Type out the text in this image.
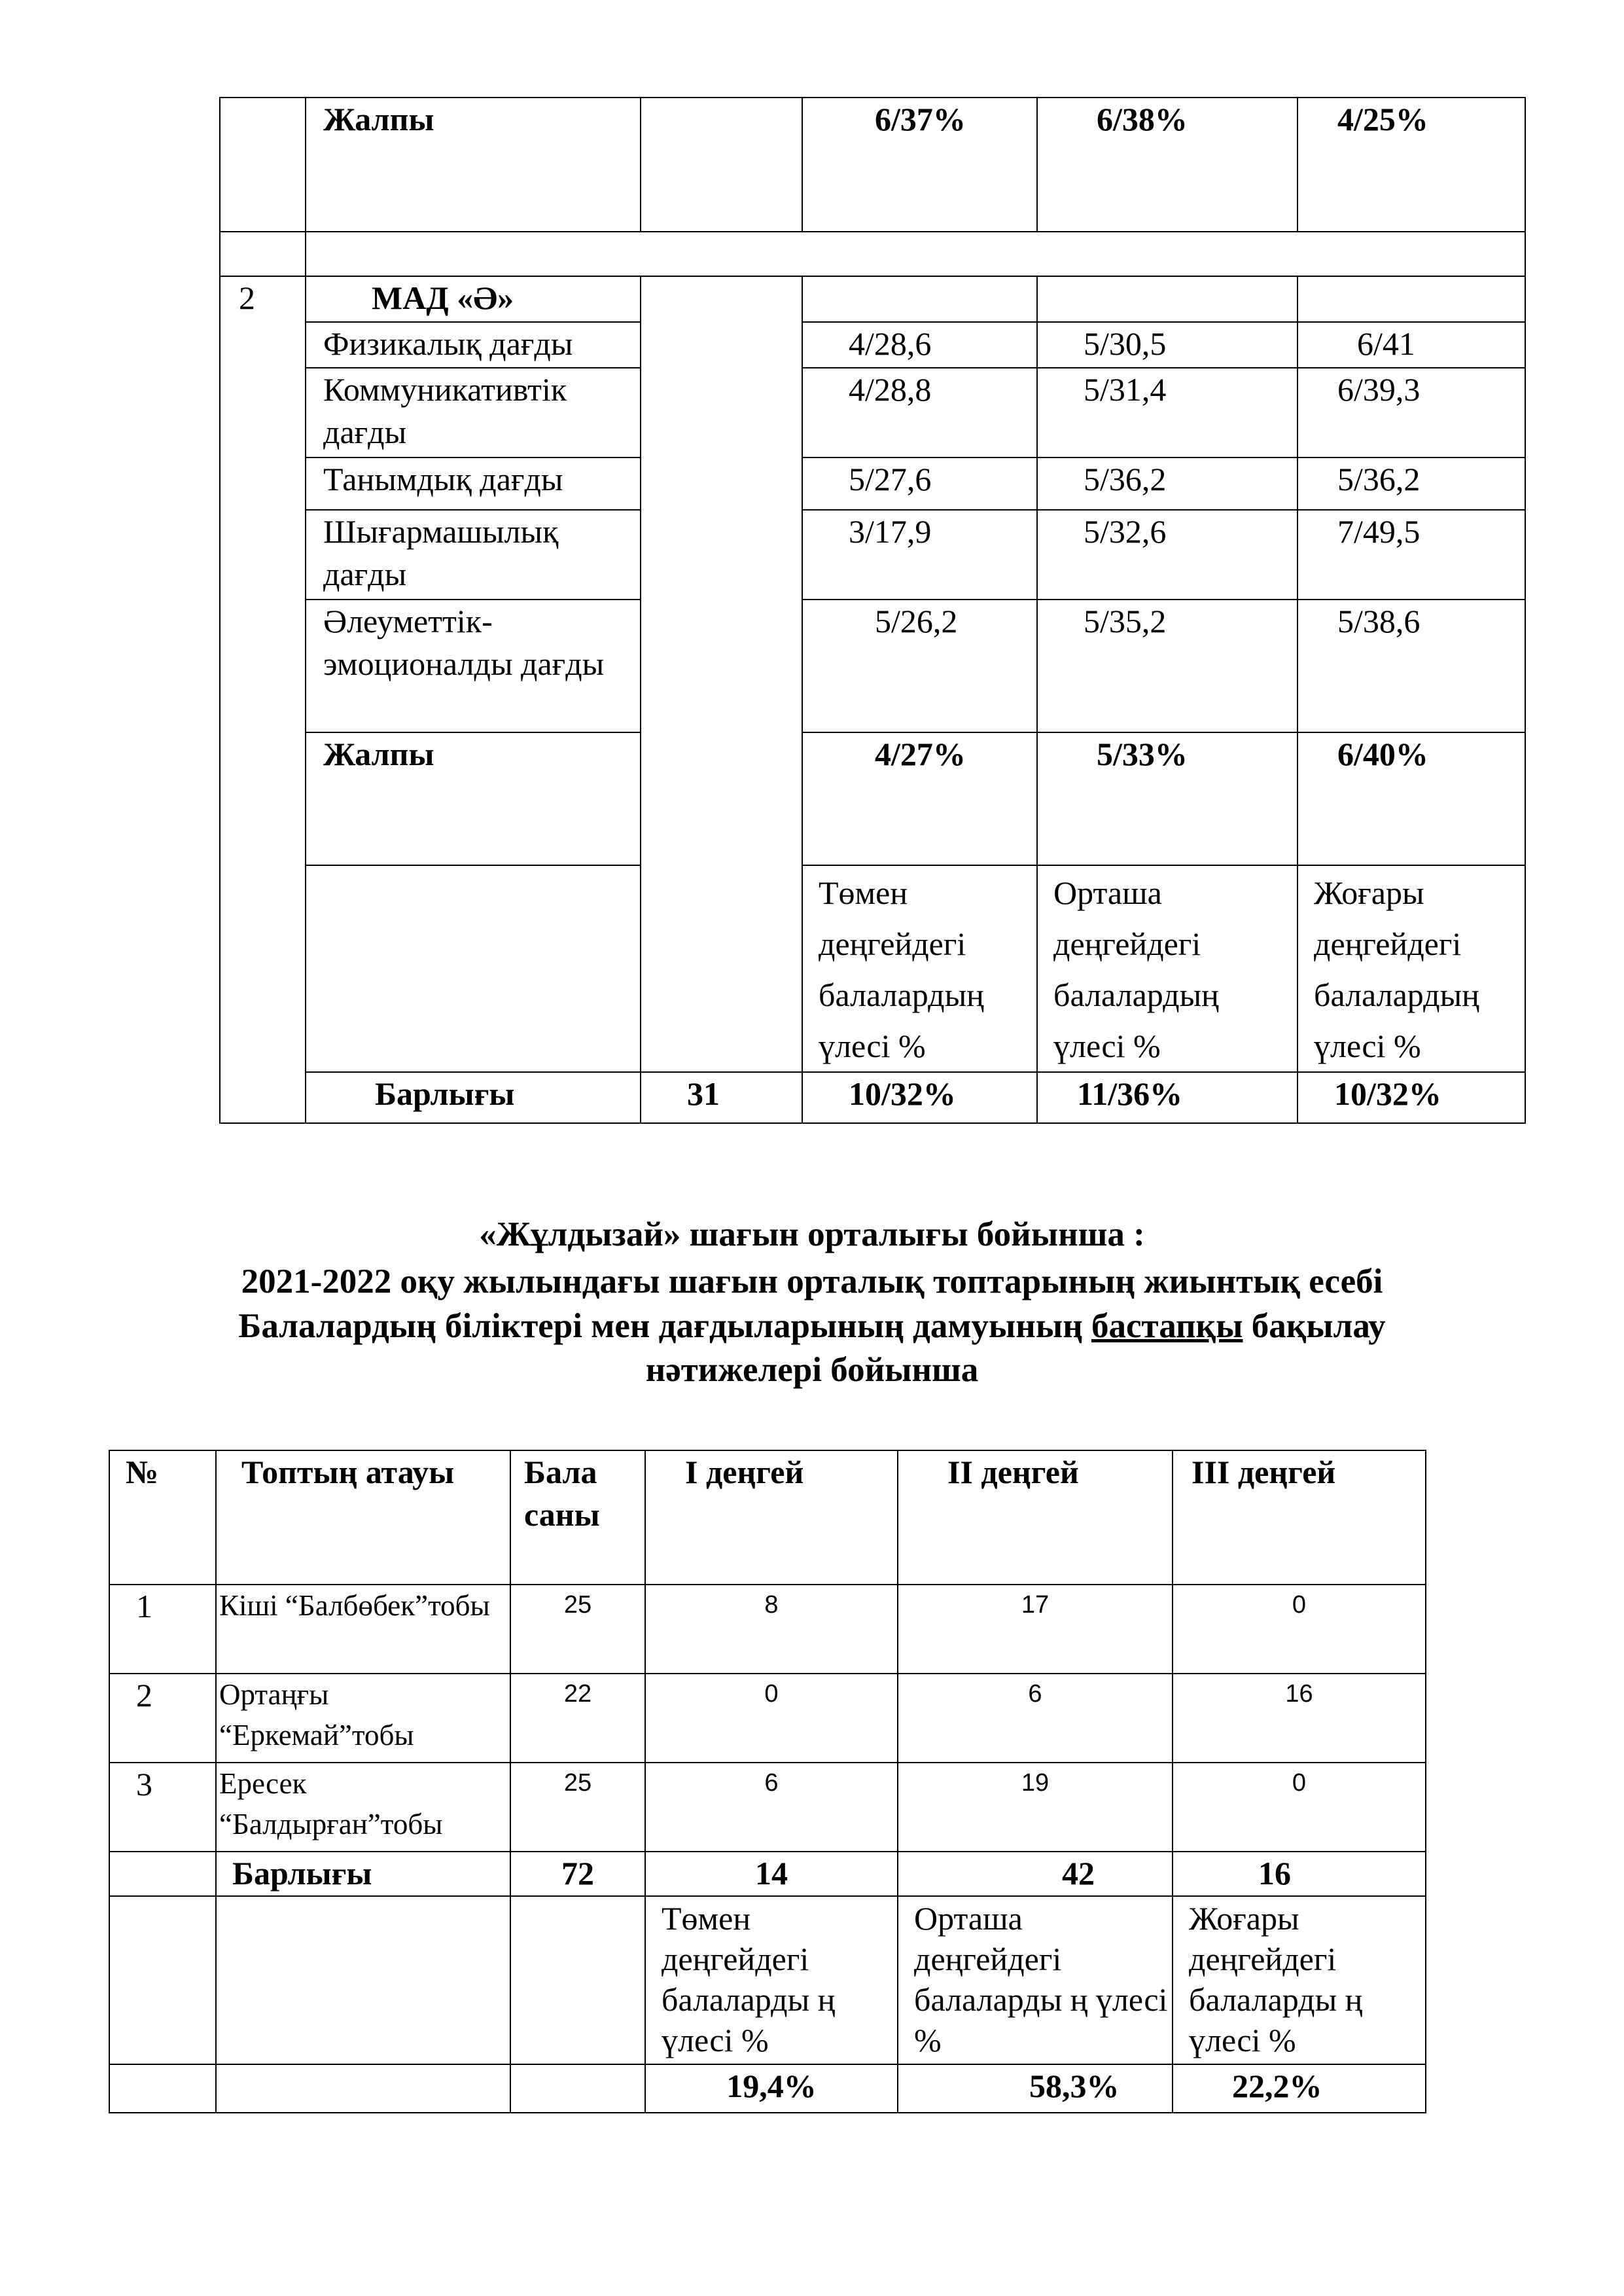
	Жалпы		6/37%	6/38%	4/25%

2	МАД «Ә»				
	Физикалық дағды		4/28,6	5/30,5	6/41
	Коммуникативтік дағды		4/28,8	5/31,4	6/39,3
	Танымдық дағды		5/27,6	5/36,2	5/36,2
	Шығармашылық дағды		3/17,9	5/32,6	7/49,5
	Әлеуметтік-эмоционалды дағды		5/26,2	5/35,2	5/38,6
	Жалпы		4/27%	5/33%	6/40%
			Төмен деңгейдегі балалардың үлесі %	Орташа деңгейдегі балалардың үлесі %	Жоғары деңгейдегі балалардың үлесі %
	Барлығы	31	10/32%	11/36%	10/32%
«Жұлдызай» шағын орталығы бойынша :
2021-2022 оқу жылындағы шағын орталық топтарының жиынтық есебі
Балалардың біліктері мен дағдыларының дамуының бастапқы бақылау
нәтижелері бойынша
№	Топтың атауы	Бала саны	І деңгей	ІІ деңгей	ІІІ деңгей
1	Кіші “Балбөбек”тобы	25	8	17	0
2	Ортаңғы “Еркемай”тобы	22	0	6	16
3	Ересек “Балдырған”тобы	25	6	19	0
	Барлығы	72	14	42	16
			Төмен деңгейдегі балаларды ң үлесі %	Орташа деңгейдегі балаларды ң үлесі %	Жоғары деңгейдегі балаларды ң үлесі %
			19,4%	58,3%	22,2%
